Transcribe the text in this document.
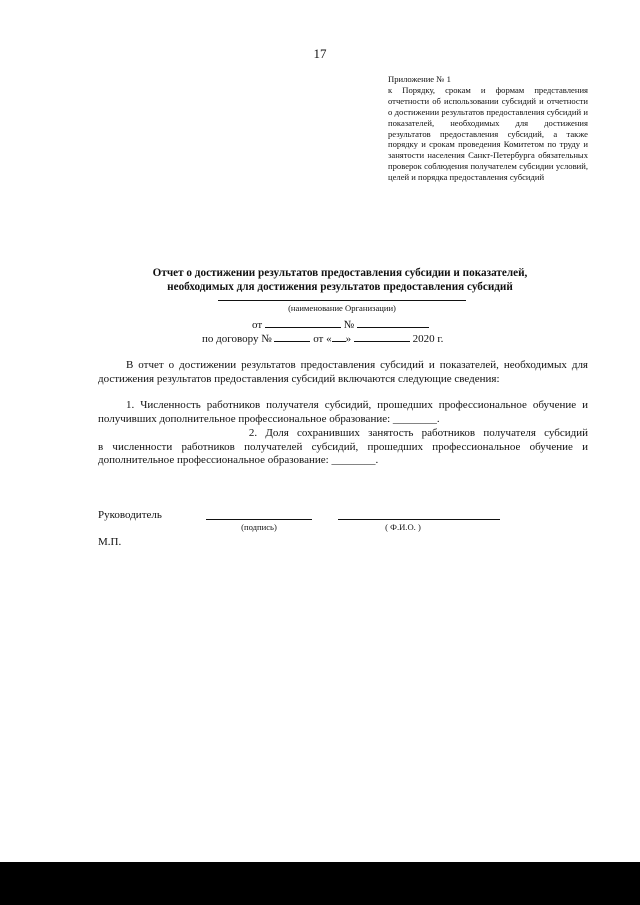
17
Приложение № 1
к Порядку, срокам и формам представления отчетности об использовании субсидий и отчетности о достижении результатов предоставления субсидий и показателей, необходимых для достижения результатов предоставления субсидий, а также порядку и срокам проведения Комитетом по труду и занятости населения Санкт-Петербурга обязательных проверок соблюдения получателем субсидии условий, целей и порядка предоставления субсидий
Отчет о достижении результатов предоставления субсидии и показателей,
необходимых для достижения результатов предоставления субсидий
(наименование Организации)
от	№
по договору №	от « »	2020 г.
В отчет о достижении результатов предоставления субсидий и показателей, необходимых для достижения результатов предоставления субсидий включаются следующие сведения:
1. Численность работников получателя субсидий, прошедших профессиональное обучение и получивших дополнительное профессиональное образование: ________.
2.   Доля   сохранивших   занятость   работников   получателя   субсидий
в численности работников получателей субсидий, прошедших профессиональное обучение и дополнительное профессиональное образование: ________.
Руководитель
(подпись)	( Ф.И.О. )
М.П.
